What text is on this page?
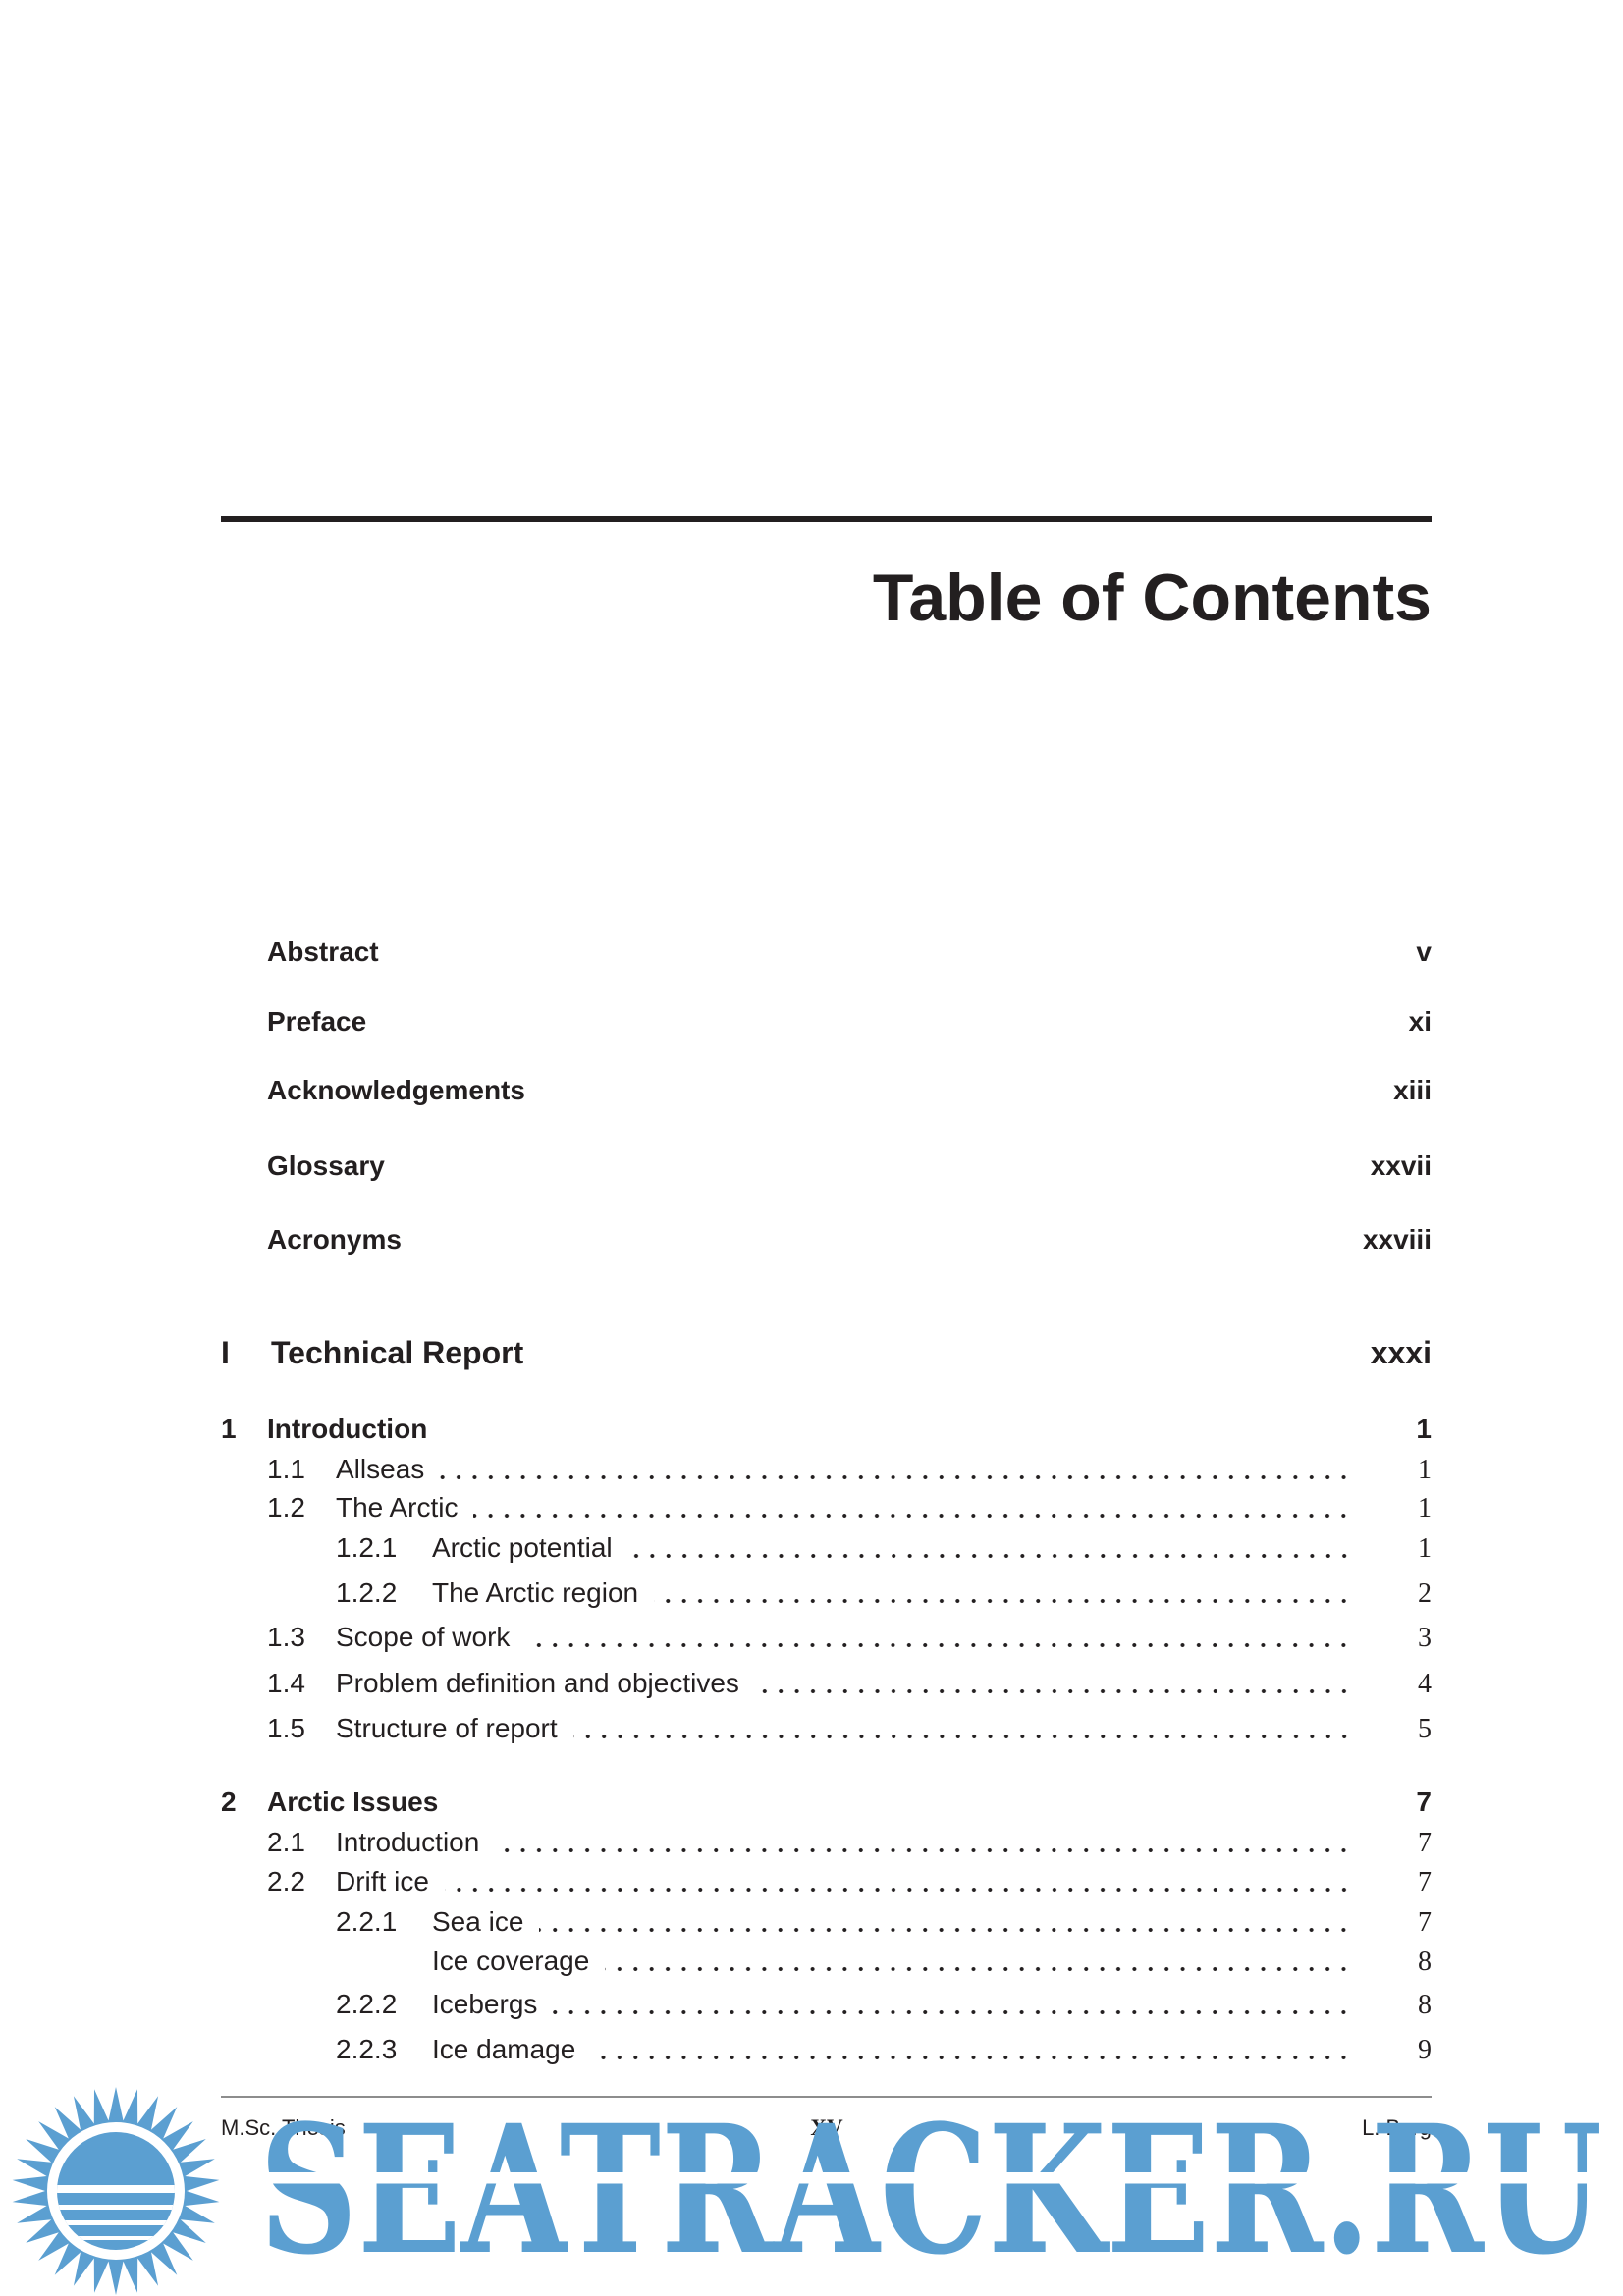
Table of Contents
Abstract	v
Preface	xi
Acknowledgements	xiii
Glossary	xxvii
Acronyms	xxviii
I	Technical Report	xxxi
1	Introduction	1
1.1	Allseas	1
1.2	The Arctic	1
1.2.1	Arctic potential	1
1.2.2	The Arctic region	2
1.3	Scope of work	3
1.4	Problem definition and objectives	4
1.5	Structure of report	5
2	Arctic Issues	7
2.1	Introduction	7
2.2	Drift ice	7
2.2.1	Sea ice	7
Ice coverage	8
2.2.2	Icebergs	8
2.2.3	Ice damage	9
M.Sc. Thesis	XV	L. Burg
SEATRACKER.RU
